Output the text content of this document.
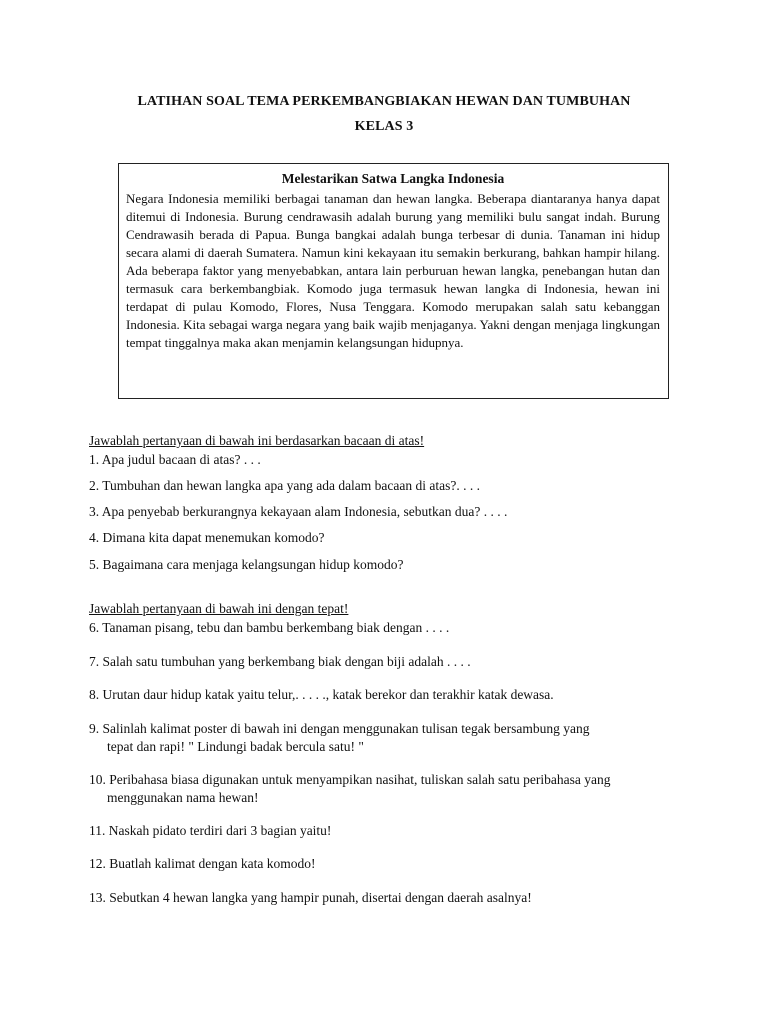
LATIHAN SOAL TEMA PERKEMBANGBIAKAN HEWAN DAN TUMBUHAN
KELAS 3

Melestarikan Satwa Langka Indonesia

Negara Indonesia memiliki berbagai tanaman dan hewan langka. Beberapa diantaranya hanya dapat ditemui di Indonesia. Burung cendrawasih adalah burung yang memiliki bulu sangat indah. Burung Cendrawasih berada di Papua. Bunga bangkai adalah bunga terbesar di dunia. Tanaman ini hidup secara alami di daerah Sumatera. Namun kini kekayaan itu semakin berkurang, bahkan hampir hilang. Ada beberapa faktor yang menyebabkan, antara lain perburuan hewan langka, penebangan hutan dan termasuk cara berkembangbiak. Komodo juga termasuk hewan langka di Indonesia, hewan ini terdapat di pulau Komodo, Flores, Nusa Tenggara. Komodo merupakan salah satu kebanggan Indonesia. Kita sebagai warga negara yang baik wajib menjaganya. Yakni dengan menjaga lingkungan tempat tinggalnya maka akan menjamin kelangsungan hidupnya.

Jawablah pertanyaan di bawah ini berdasarkan bacaan di atas!
1. Apa judul bacaan di atas? . . .
2. Tumbuhan dan hewan langka apa yang ada dalam bacaan di atas?. . . .
3. Apa penyebab berkurangnya kekayaan alam Indonesia, sebutkan dua? . . . .
4. Dimana kita dapat menemukan komodo?
5. Bagaimana cara menjaga kelangsungan hidup komodo?
Jawablah pertanyaan di bawah ini dengan tepat!
6. Tanaman pisang, tebu dan bambu berkembang biak dengan . . . .
7. Salah satu tumbuhan yang berkembang biak dengan biji adalah . . . .
8. Urutan daur hidup katak yaitu telur,. . . . ., katak berekor dan terakhir katak dewasa.
9. Salinlah kalimat poster di bawah ini dengan menggunakan tulisan tegak bersambung yang
tepat dan rapi! " Lindungi badak bercula satu! "
10. Peribahasa biasa digunakan untuk menyampikan nasihat, tuliskan salah satu peribahasa yang
menggunakan nama hewan!
11. Naskah pidato terdiri dari 3 bagian yaitu!
12. Buatlah kalimat dengan kata komodo!
13. Sebutkan 4 hewan langka yang hampir punah, disertai dengan daerah asalnya!
